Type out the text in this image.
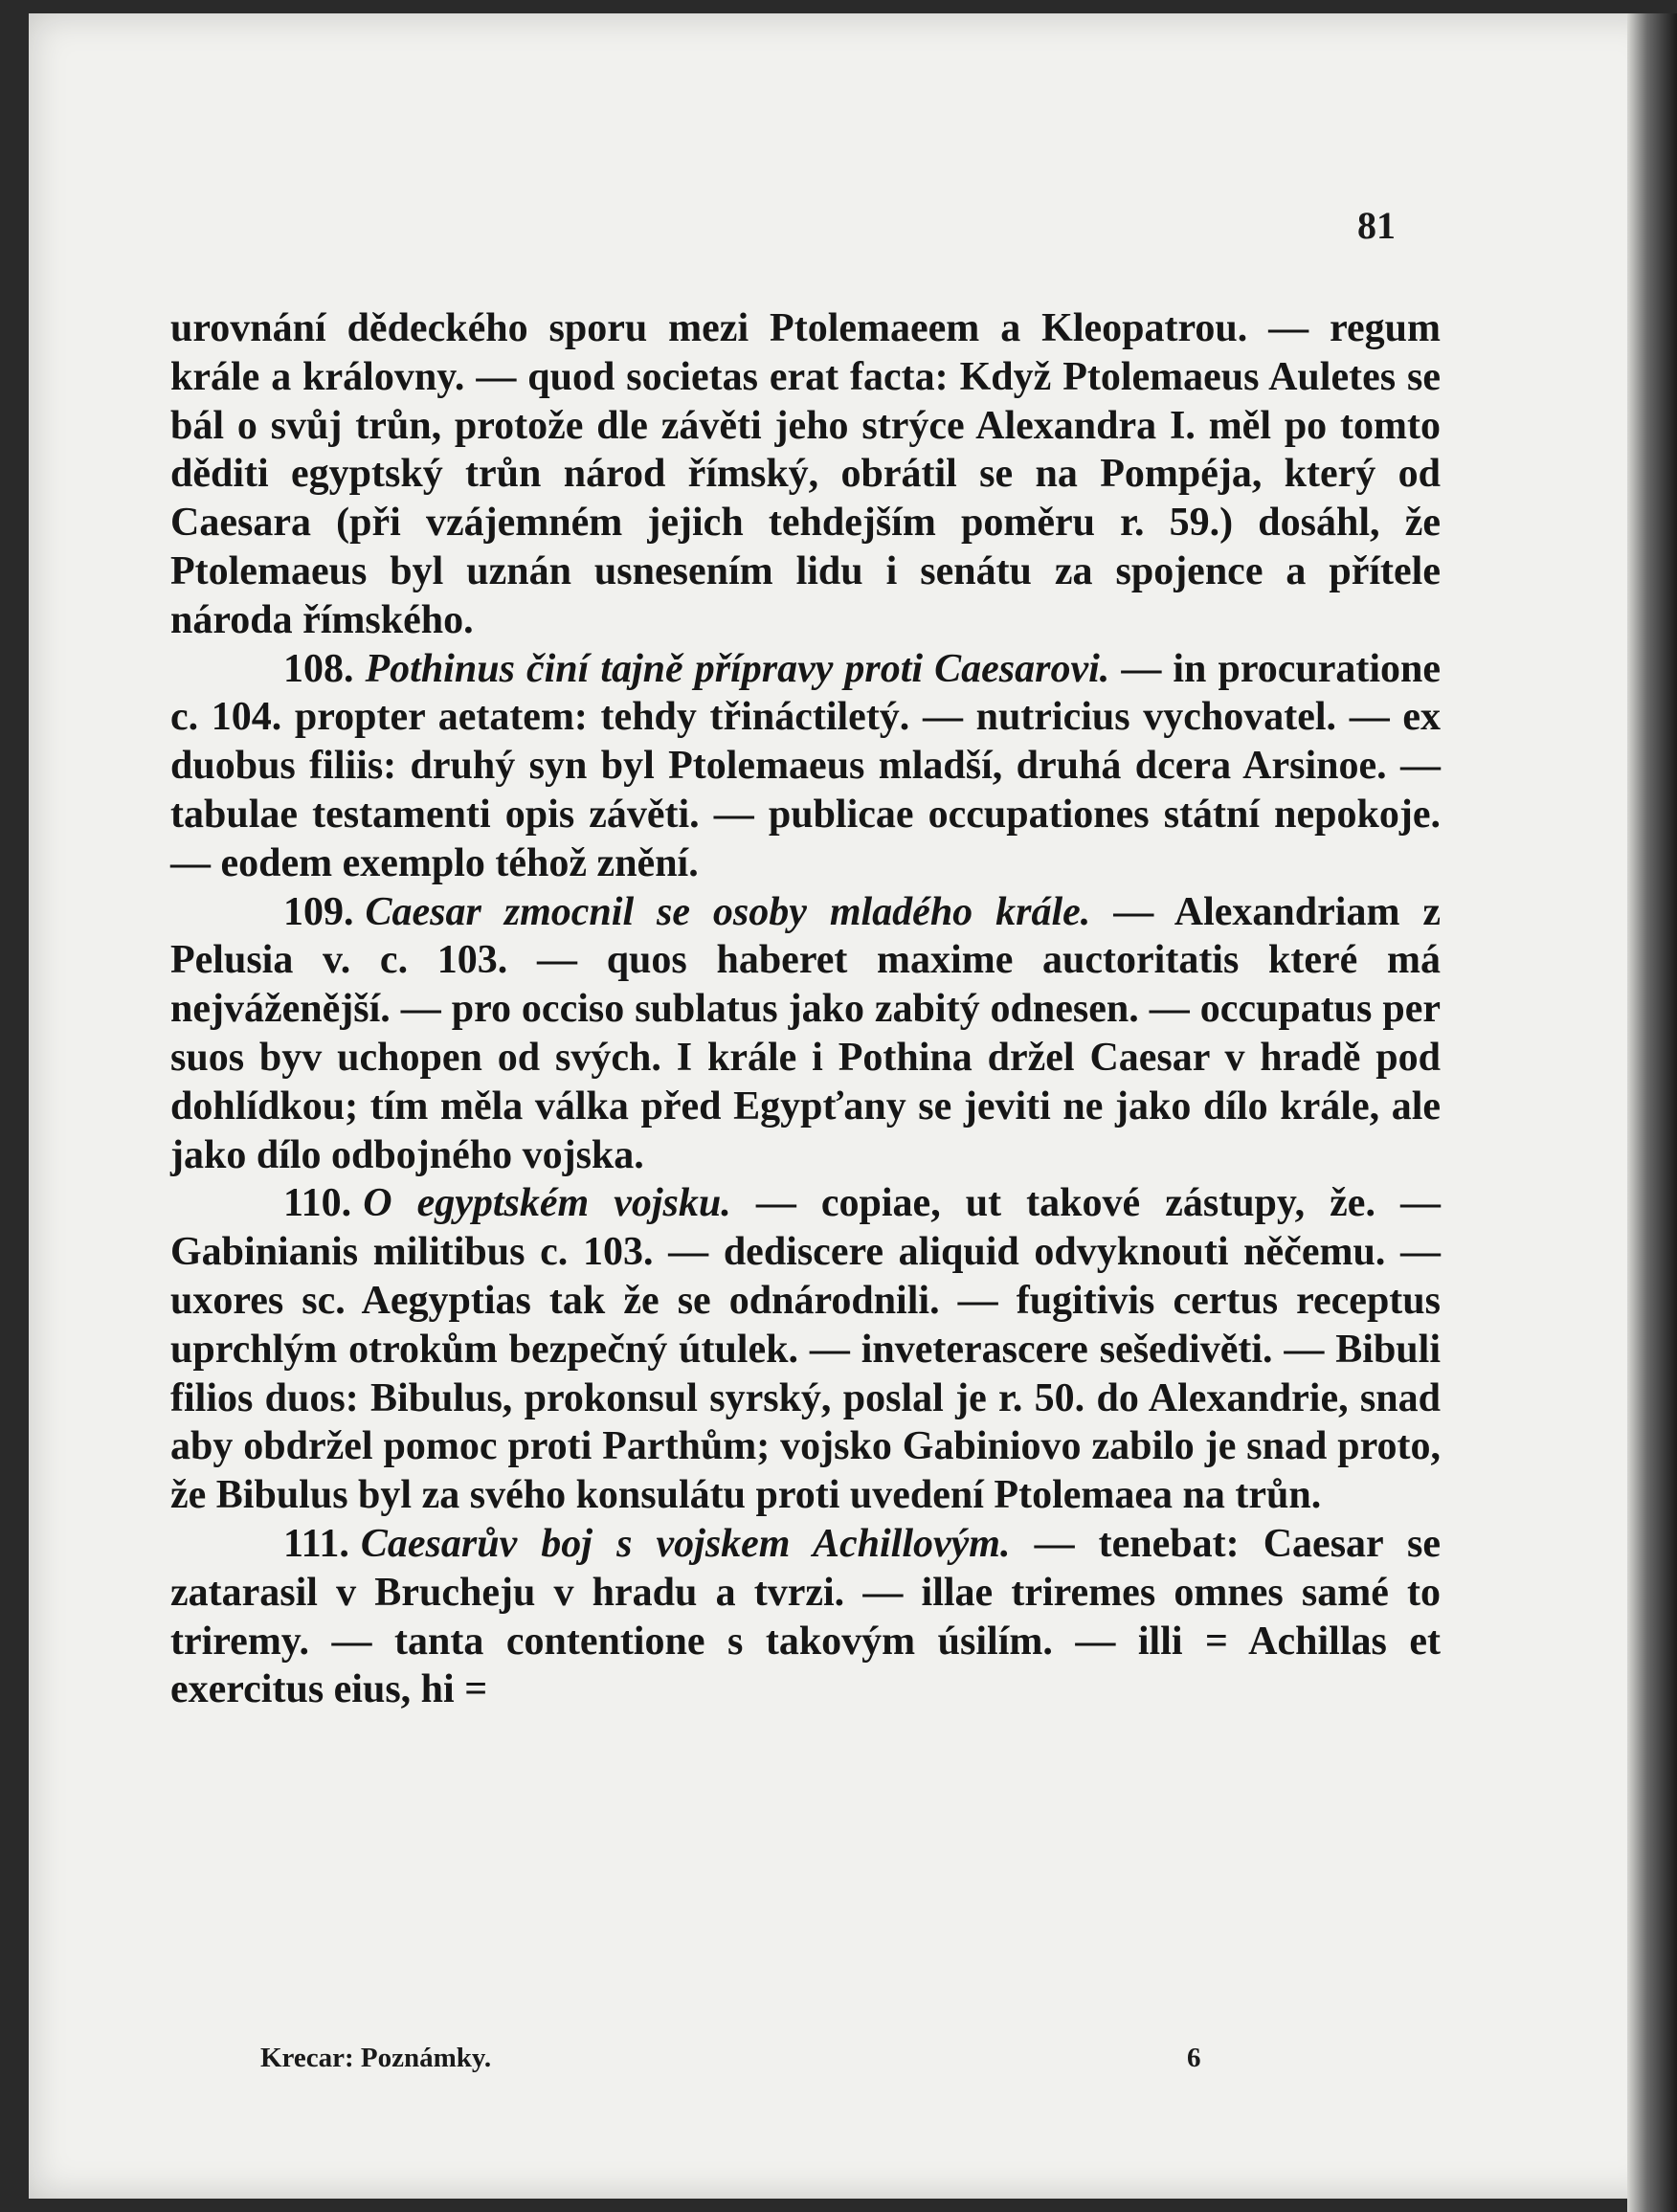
81

urovnání dědeckého sporu mezi Ptolemaeem a Kleopatrou. — regum krále a královny. — quod societas erat facta: Když Ptolemaeus Auletes se bál o svůj trůn, protože dle závěti jeho strýce Alexandra I. měl po tomto děditi egyptský trůn národ římský, obrátil se na Pompéja, který od Caesara (při vzájemném jejich tehdejším poměru r. 59.) dosáhl, že Ptolemaeus byl uznán usnesením lidu i senátu za spojence a přítele národa římského.

108. Pothinus činí tajně přípravy proti Caesarovi. — in procuratione c. 104. propter aetatem: tehdy třináctiletý. — nutricius vychovatel. — ex duobus filiis: druhý syn byl Ptolemaeus mladší, druhá dcera Arsinoe. — tabulae testamenti opis závěti. — publicae occupationes státní nepokoje. — eodem exemplo téhož znění.

109. Caesar zmocnil se osoby mladého krále. — Alexandriam z Pelusia v. c. 103. — quos haberet maxime auctoritatis které má nejváženější. — pro occiso sublatus jako zabitý odnesen. — occupatus per suos byv uchopen od svých. I krále i Pothina držel Caesar v hradě pod dohlídkou; tím měla válka před Egypťany se jeviti ne jako dílo krále, ale jako dílo odbojného vojska.

110. O egyptském vojsku. — copiae, ut takové zástupy, že. — Gabinianis militibus c. 103. — dediscere aliquid odvyknouti něčemu. — uxores sc. Aegyptias tak že se odnárodnili. — fugitivis certus receptus uprchlým otrokům bezpečný útulek. — inveterascere sešedivěti. — Bibuli filios duos: Bibulus, prokonsul syrský, poslal je r. 50. do Alexandrie, snad aby obdržel pomoc proti Parthům; vojsko Gabiniovo zabilo je snad proto, že Bibulus byl za svého konsulátu proti uvedení Ptolemaea na trůn.

111. Caesarův boj s vojskem Achillovým. — tenebat: Caesar se zatarasil v Brucheju v hradu a tvrzi. — illae triremes omnes samé to triremy. — tanta contentione s takovým úsilím. — illi = Achillas et exercitus eius, hi =

Krecar: Poznámky.	6
